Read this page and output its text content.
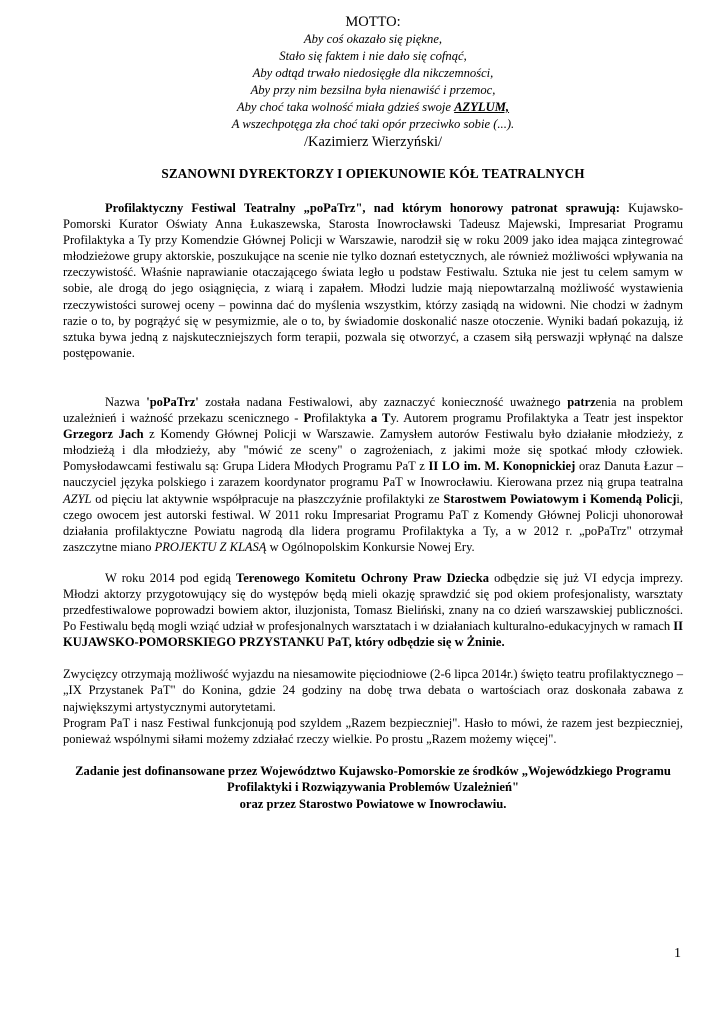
MOTTO:
Aby coś okazało się piękne,
Stało się faktem i nie dało się cofnąć,
Aby odtąd trwało niedosięgłe dla nikczemności,
Aby przy nim bezsilna była nienawiść i przemoc,
Aby choć taka wolność miała gdzieś swoje AZYLUM,
A wszechpotęga zła choć taki opór przeciwko sobie (...).
/Kazimierz Wierzyński/
SZANOWNI DYREKTORZY I OPIEKUNOWIE KÓŁ TEATRALNYCH

Profilaktyczny Festiwal Teatralny „poPaTrz", nad którym honorowy patronat sprawują: Kujawsko-Pomorski Kurator Oświaty Anna Łukaszewska, Starosta Inowrocławski Tadeusz Majewski, Impresariat Programu Profilaktyka a Ty przy Komendzie Głównej Policji w Warszawie, narodził się w roku 2009 jako idea mająca zintegrować młodzieżowe grupy aktorskie, poszukujące na scenie nie tylko doznań estetycznych, ale również możliwości wpływania na rzeczywistość. Właśnie naprawianie otaczającego świata legło u podstaw Festiwalu. Sztuka nie jest tu celem samym w sobie, ale drogą do jego osiągnięcia, z wiarą i zapałem. Młodzi ludzie mają niepowtarzalną możliwość wystawienia rzeczywistości surowej oceny – powinna dać do myślenia wszystkim, którzy zasiądą na widowni. Nie chodzi w żadnym razie o to, by pogrążyć się w pesymizmie, ale o to, by świadomie doskonalić nasze otoczenie. Wyniki badań pokazują, iż sztuka bywa jedną z najskuteczniejszych form terapii, pozwala się otworzyć, a czasem siłą perswazji wpłynąć na dalsze postępowanie.

Nazwa 'poPaTrz' została nadana Festiwalowi, aby zaznaczyć konieczność uważnego patrzenia na problem uzależnień i ważność przekazu scenicznego - Profilaktyka a Ty. Autorem programu Profilaktyka a Teatr jest inspektor Grzegorz Jach z Komendy Głównej Policji w Warszawie. Zamysłem autorów Festiwalu było działanie młodzieży, z młodzieżą i dla młodzieży, aby "mówić ze sceny" o zagrożeniach, z jakimi może się spotkać młody człowiek. Pomysłodawcami festiwalu są: Grupa Lidera Młodych Programu PaT z II LO im. M. Konopnickiej oraz Danuta Łazur – nauczyciel języka polskiego i zarazem koordynator programu PaT w Inowrocławiu. Kierowana przez nią grupa teatralna AZYL od pięciu lat aktywnie współpracuje na płaszczyźnie profilaktyki ze Starostwem Powiatowym i Komendą Policji, czego owocem jest autorski festiwal. W 2011 roku Impresariat Programu PaT z Komendy Głównej Policji uhonorował działania profilaktyczne Powiatu nagrodą dla lidera programu Profilaktyka a Ty, a w 2012 r. „poPaTrz" otrzymał zaszczytne miano PROJEKTU Z KLASĄ w Ogólnopolskim Konkursie Nowej Ery.

W roku 2014 pod egidą Terenowego Komitetu Ochrony Praw Dziecka odbędzie się już VI edycja imprezy. Młodzi aktorzy przygotowujący się do występów będą mieli okazję sprawdzić się pod okiem profesjonalisty, warsztaty przedfestiwalowe poprowadzi bowiem aktor, iluzjonista, Tomasz Bieliński, znany na co dzień warszawskiej publiczności. Po Festiwalu będą mogli wziąć udział w profesjonalnych warsztatach i w działaniach kulturalno-edukacyjnych w ramach II KUJAWSKO-POMORSKIEGO PRZYSTANKU PaT, który odbędzie się w Żninie.

Zwycięzcy otrzymają możliwość wyjazdu na niesamowite pięciodniowe (2-6 lipca 2014r.) święto teatru profilaktycznego – „IX Przystanek PaT" do Konina, gdzie 24 godziny na dobę trwa debata o wartościach oraz doskonała zabawa z największymi artystycznymi autorytetami.

Program PaT i nasz Festiwal funkcjonują pod szyldem „Razem bezpieczniej". Hasło to mówi, że razem jest bezpieczniej, ponieważ wspólnymi siłami możemy zdziałać rzeczy wielkie. Po prostu „Razem możemy więcej".

Zadanie jest dofinansowane przez Województwo Kujawsko-Pomorskie ze środków „Wojewódzkiego Programu
Profilaktyki i Rozwiązywania Problemów Uzależnień"
oraz przez Starostwo Powiatowe w Inowrocławiu.
1
